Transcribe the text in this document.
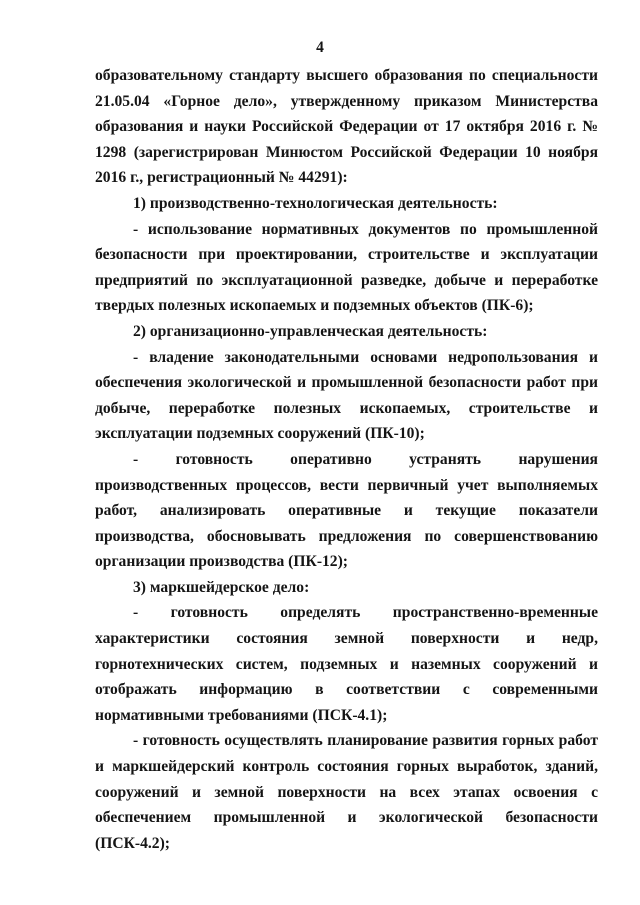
4

образовательному стандарту высшего образования по специальности 21.05.04 «Горное дело», утвержденному приказом Министерства образования и науки Российской Федерации от 17 октября 2016 г. № 1298 (зарегистрирован Минюстом Российской Федерации 10 ноября 2016 г., регистрационный № 44291):

1) производственно-технологическая деятельность:

- использование нормативных документов по промышленной безопасности при проектировании, строительстве и эксплуатации предприятий по эксплуатационной разведке, добыче и переработке твердых полезных ископаемых и подземных объектов (ПК-6);

2) организационно-управленческая деятельность:

- владение законодательными основами недропользования и обеспечения экологической и промышленной безопасности работ при добыче, переработке полезных ископаемых, строительстве и эксплуатации подземных сооружений (ПК-10);

- готовность оперативно устранять нарушения производственных процессов, вести первичный учет выполняемых работ, анализировать оперативные и текущие показатели производства, обосновывать предложения по совершенствованию организации производства (ПК-12);

3) маркшейдерское дело:

- готовность определять пространственно-временные характеристики состояния земной поверхности и недр, горнотехнических систем, подземных и наземных сооружений и отображать информацию в соответствии с современными нормативными требованиями (ПСК-4.1);

- готовность осуществлять планирование развития горных работ и маркшейдерский контроль состояния горных выработок, зданий, сооружений и земной поверхности на всех этапах освоения с обеспечением промышленной и экологической безопасности (ПСК-4.2);
